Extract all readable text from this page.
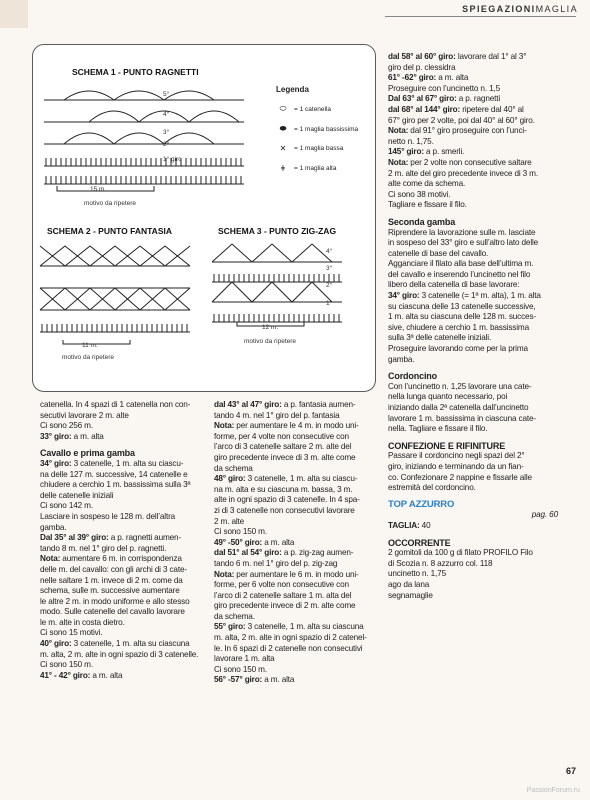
SPIEGAZIONIMAGLIA
SCHEMA 1 - PUNTO RAGNETTI
5°
4°
3°
2°
1° giro
15 m.
motivo da ripetere
Legenda
⬭	= 1 catenella
⬬	= 1 maglia bassissima
✕	= 1 maglia bassa
ǂ	= 1 maglia alta
SCHEMA 2 - PUNTO FANTASIA
11 m.
motivo da ripetere
SCHEMA 3 - PUNTO ZIG-ZAG
4°
3°
2°
1°
12 m.
motivo da ripetere

catenella. In 4 spazi di 1 catenella non con-

secutivi lavorare 2 m. alte

Ci sono 256 m.

33° giro: a m. alta

Cavallo e prima gamba

34° giro: 3 catenelle, 1 m. alta su ciascu-

na delle 127 m. successive, 14 catenelle e

chiudere a cerchio 1 m. bassissima sulla 3ª

delle catenelle iniziali

Ci sono 142 m.

Lasciare in sospeso le 128 m. dell’altra

gamba.

Dal 35° al 39° giro: a p. ragnetti aumen-

tando 8 m. nel 1° giro del p. ragnetti.

Nota: aumentare 6 m. in corrispondenza

delle m. del cavallo: con gli archi di 3 cate-

nelle saltare 1 m. invece di 2 m. come da

schema, sulle m. successive aumentare

le altre 2 m. in modo uniforme e allo stesso

modo. Sulle catenelle del cavallo lavorare

le m. alte in costa dietro.

Ci sono 15 motivi.

40° giro: 3 catenelle, 1 m. alta su ciascuna

m. alta, 2 m. alte in ogni spazio di 3 catenelle.

Ci sono 150 m.

41° - 42° giro: a m. alta

dal 43° al 47° giro: a p. fantasia aumen-

tando 4 m. nel 1° giro del p. fantasia

Nota: per aumentare le 4 m. in modo uni-

forme, per 4 volte non consecutive con

l’arco di 3 catenelle saltare 2 m. alte del

giro precedente invece di 3 m. alte come

da schema

48° giro: 3 catenelle, 1 m. alta su ciascu-

na m. alta e su ciascuna m. bassa, 3 m.

alte in ogni spazio di 3 catenelle. In 4 spa-

zi di 3 catenelle non consecutivi lavorare

2 m. alte

Ci sono 150 m.

49° -50° giro: a m. alta

dal 51° al 54° giro: a p. zig-zag aumen-

tando 6 m. nel 1° giro del p. zig-zag

Nota: per aumentare le 6 m. in modo uni-

forme, per 6 volte non consecutive con

l’arco di 2 catenelle saltare 1 m. alta del

giro precedente invece di 2 m. alte come

da schema.

55° giro: 3 catenelle, 1 m. alta su ciascuna

m. alta, 2 m. alte in ogni spazio di 2 catenel-

le. In 6 spazi di 2 catenelle non consecutivi

lavorare 1 m. alta

Ci sono 150 m.

56° -57° giro: a m. alta

dal 58° al 60° giro: lavorare dal 1° al 3°

giro del p. clessidra

61° -62° giro: a m. alta

Proseguire con l’uncinetto n. 1,5

Dal 63° al 67° giro: a p. ragnetti

dal 68° al 144° giro: ripetere dal 40° al

67° giro per 2 volte, poi dal 40° al 60° giro.

Nota: dal 91° giro proseguire con l’unci-

netto n. 1,75.

145° giro: a p. smerli.

Nota: per 2 volte non consecutive saltare

2 m. alte del giro precedente invece di 3 m.

alte come da schema.

Ci sono 38 motivi.

Tagliare e fissare il filo.

Seconda gamba

Riprendere la lavorazione sulle m. lasciate

in sospeso del 33° giro e sull’altro lato delle

catenelle di base del cavallo.

Agganciare il filato alla base dell’ultima m.

del cavallo e inserendo l’uncinetto nel filo

libero della catenella di base lavorare:

34° giro: 3 catenelle (= 1ª m. alta), 1 m. alta

su ciascuna delle 13 catenelle successive,

1 m. alta su ciascuna delle 128 m. succes-

sive, chiudere a cerchio 1 m. bassissima

sulla 3ª delle catenelle iniziali.

Proseguire lavorando come per la prima

gamba.

Cordoncino

Con l’uncinetto n. 1,25 lavorare una cate-

nella lunga quanto necessario, poi

iniziando dalla 2ª catenella dall’uncinetto

lavorare 1 m. bassissima in ciascuna cate-

nella. Tagliare e fissare il filo.

CONFEZIONE E RIFINITURE

Passare il cordoncino negli spazi del 2°

giro, iniziando e terminando da un fian-

co. Confezionare 2 nappine e fissarle alle

estremità del cordoncino.

TOP AZZURRO

pag. 60

TAGLIA: 40

OCCORRENTE

2 gomitoli da 100 g di filato PROFILO Filo

di Scozia n. 8 azzurro col. 118

uncinetto n. 1,75

ago da lana

segnamaglie

67
PassionForum.ru
